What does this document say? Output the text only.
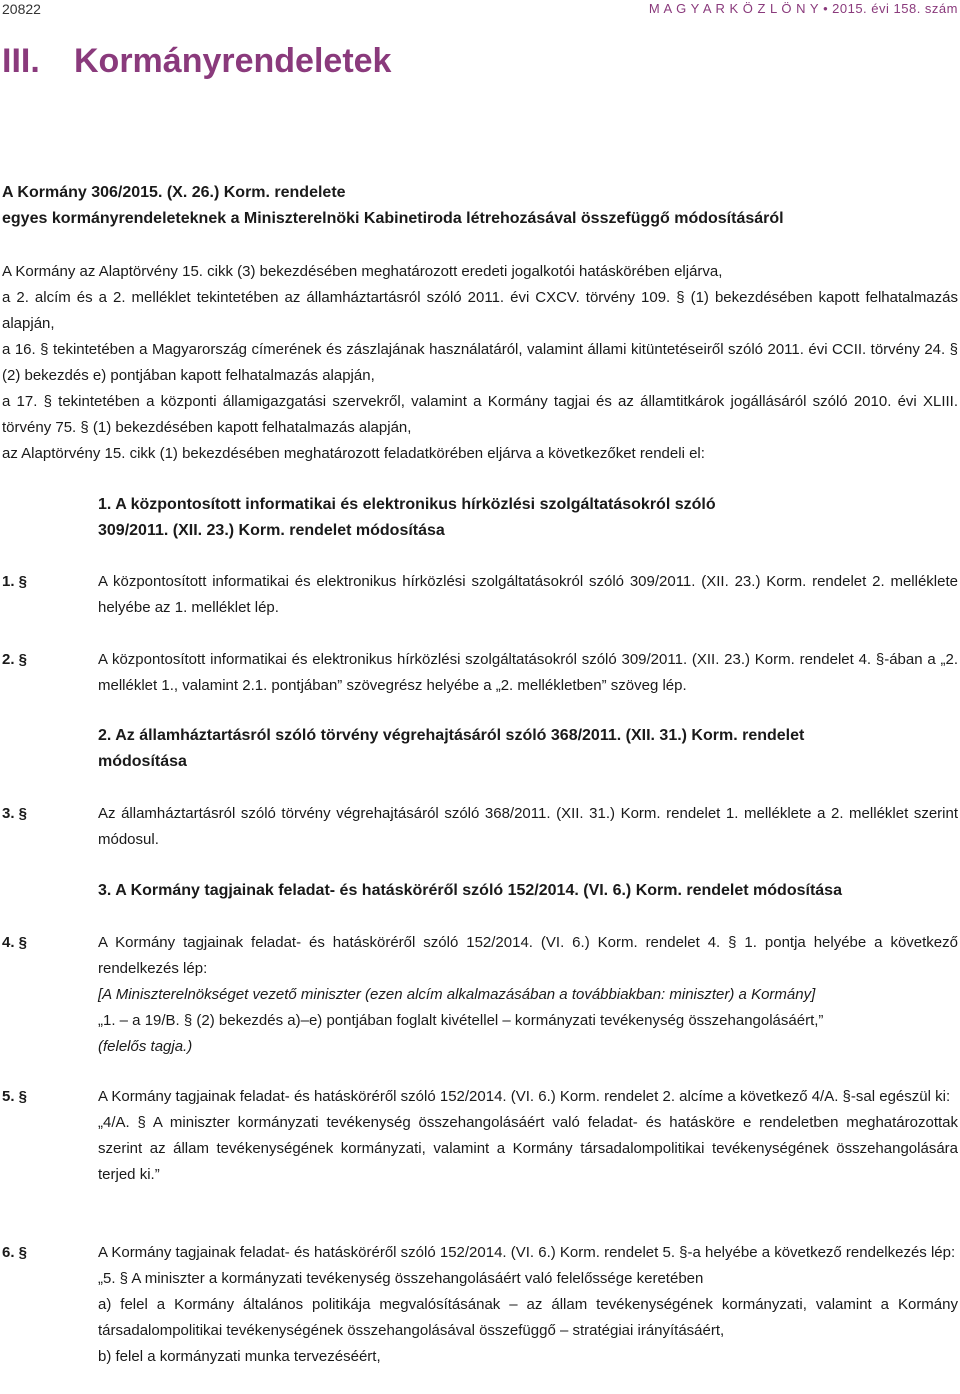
20822	M A G Y A R K Ö Z L Ö N Y • 2015. évi 158. szám
III. Kormányrendeletek
A Kormány 306/2015. (X. 26.) Korm. rendelete
egyes kormányrendeleteknek a Miniszterelnöki Kabinetiroda létrehozásával összefüggő módosításáról

A Kormány az Alaptörvény 15. cikk (3) bekezdésében meghatározott eredeti jogalkotói hatáskörében eljárva,

a 2. alcím és a 2. melléklet tekintetében az államháztartásról szóló 2011. évi CXCV. törvény 109. § (1) bekezdésében kapott felhatalmazás alapján,

a 16. § tekintetében a Magyarország címerének és zászlajának használatáról, valamint állami kitüntetéseiről szóló 2011. évi CCII. törvény 24. § (2) bekezdés e) pontjában kapott felhatalmazás alapján,

a 17. § tekintetében a központi államigazgatási szervekről, valamint a Kormány tagjai és az államtitkárok jogállásáról szóló 2010. évi XLIII. törvény 75. § (1) bekezdésében kapott felhatalmazás alapján,

az Alaptörvény 15. cikk (1) bekezdésében meghatározott feladatkörében eljárva a következőket rendeli el:

1. A központosított informatikai és elektronikus hírközlési szolgáltatásokról szóló
309/2011. (XII. 23.) Korm. rendelet módosítása
1. §	A központosított informatikai és elektronikus hírközlési szolgáltatásokról szóló 309/2011. (XII. 23.) Korm. rendelet 2. melléklete helyébe az 1. melléklet lép.

2. §	A központosított informatikai és elektronikus hírközlési szolgáltatásokról szóló 309/2011. (XII. 23.) Korm. rendelet 4. §-ában a „2. melléklet 1., valamint 2.1. pontjában” szövegrész helyébe a „2. mellékletben” szöveg lép.

2. Az államháztartásról szóló törvény végrehajtásáról szóló 368/2011. (XII. 31.) Korm. rendelet
módosítása
3. §	Az államháztartásról szóló törvény végrehajtásáról szóló 368/2011. (XII. 31.) Korm. rendelet 1. melléklete a 2. melléklet szerint módosul.

3. A Kormány tagjainak feladat- és hatásköréről szóló 152/2014. (VI. 6.) Korm. rendelet módosítása
4. §	A Kormány tagjainak feladat- és hatásköréről szóló 152/2014. (VI. 6.) Korm. rendelet 4. § 1. pontja helyébe a következő rendelkezés lép:

[A Miniszterelnökséget vezető miniszter (ezen alcím alkalmazásában a továbbiakban: miniszter) a Kormány]

„1. – a 19/B. § (2) bekezdés a)–e) pontjában foglalt kivétellel – kormányzati tevékenység összehangolásáért,”

(felelős tagja.)

5. §	A Kormány tagjainak feladat- és hatásköréről szóló 152/2014. (VI. 6.) Korm. rendelet 2. alcíme a következő 4/A. §-sal egészül ki:

„4/A. § A miniszter kormányzati tevékenység összehangolásáért való feladat- és hatásköre e rendeletben meghatározottak szerint az állam tevékenységének kormányzati, valamint a Kormány társadalompolitikai tevékenységének összehangolására terjed ki.”

6. §	A Kormány tagjainak feladat- és hatásköréről szóló 152/2014. (VI. 6.) Korm. rendelet 5. §-a helyébe a következő rendelkezés lép:

„5. § A miniszter a kormányzati tevékenység összehangolásáért való felelőssége keretében

a) felel a Kormány általános politikája megvalósításának – az állam tevékenységének kormányzati, valamint a Kormány társadalompolitikai tevékenységének összehangolásával összefüggő – stratégiai irányításáért,

b) felel a kormányzati munka tervezéséért,
